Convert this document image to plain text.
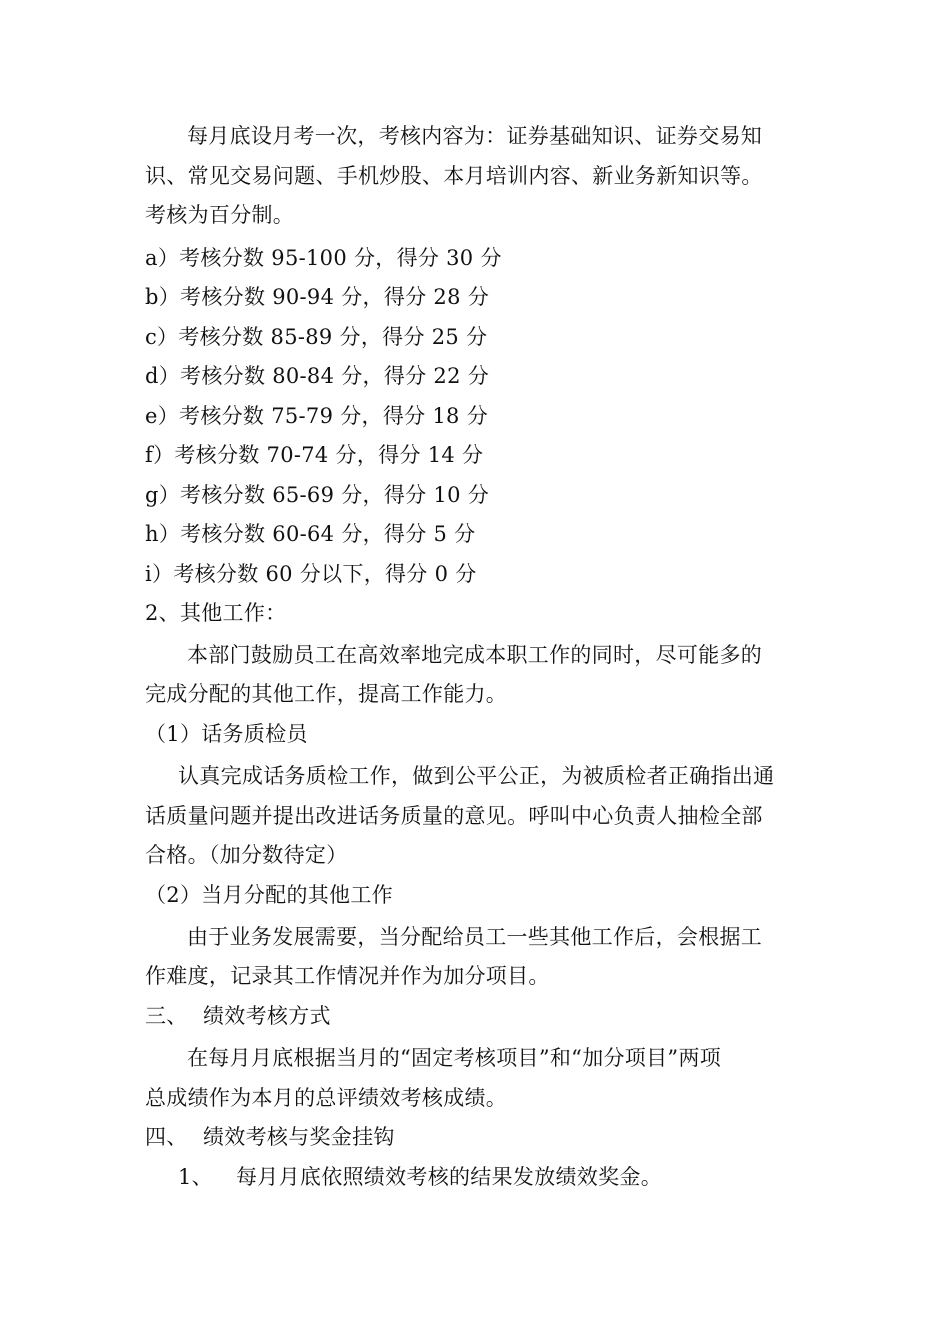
每月底设月考一次，考核内容为：证券基础知识、证券交易知
识、常见交易问题、手机炒股、本月培训内容、新业务新知识等。
考核为百分制。
a）考核分数 95-100 分，得分 30 分
b）考核分数 90-94 分，得分 28 分
c）考核分数 85-89 分，得分 25 分
d）考核分数 80-84 分，得分 22 分
e）考核分数 75-79 分，得分 18 分
f）考核分数 70-74 分，得分 14 分
g）考核分数 65-69 分，得分 10 分
h）考核分数 60-64 分，得分 5 分
i）考核分数 60 分以下，得分 0 分
2、其他工作：
本部门鼓励员工在高效率地完成本职工作的同时，尽可能多的
完成分配的其他工作，提高工作能力。
（1）话务质检员
认真完成话务质检工作，做到公平公正，为被质检者正确指出通
话质量问题并提出改进话务质量的意见。呼叫中心负责人抽检全部
合格。（加分数待定）
（2）当月分配的其他工作
由于业务发展需要，当分配给员工一些其他工作后，会根据工
作难度，记录其工作情况并作为加分项目。
三、 绩效考核方式
在每月月底根据当月的“固定考核项目”和“加分项目”两项
总成绩作为本月的总评绩效考核成绩。
四、 绩效考核与奖金挂钩
1、 每月月底依照绩效考核的结果发放绩效奖金。
